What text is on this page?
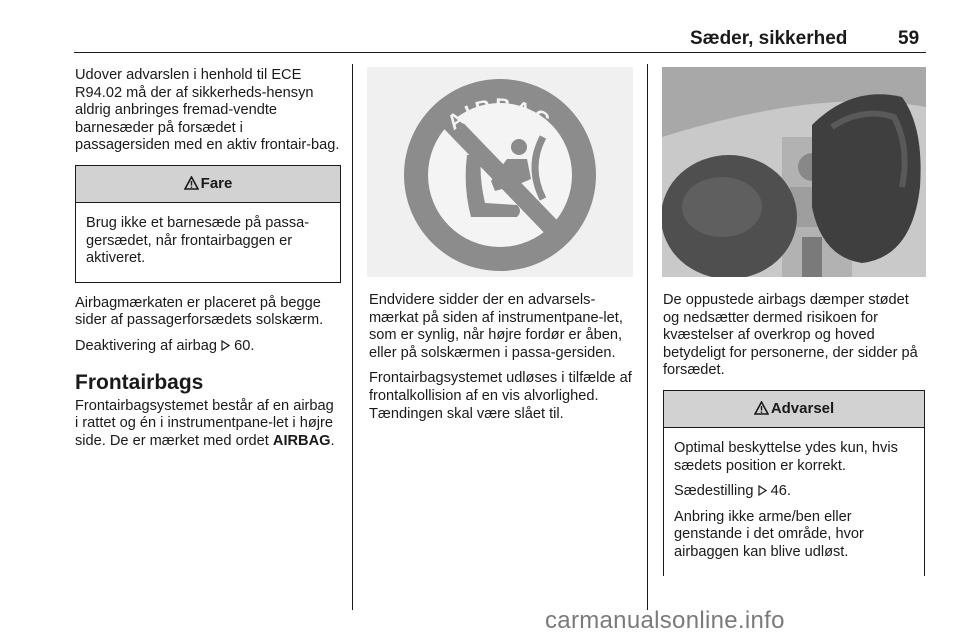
Sæder, sikkerhed	59

Udover advarslen i henhold til ECE R94.02 må der af sikkerheds-hensyn aldrig anbringes fremad-vendte barnesæder på forsædet i passagersiden med en aktiv frontair-bag.

Fare

Brug ikke et barnesæde på passa-gersædet, når frontairbaggen er aktiveret.

Airbagmærkaten er placeret på begge sider af passagerforsædets solskærm.

Deaktivering af airbag  60.

Frontairbags

Frontairbagsystemet består af en airbag i rattet og én i instrumentpane-let i højre side. De er mærket med ordet AIRBAG.

AIRBAG

Endvidere sidder der en advarsels-mærkat på siden af instrumentpane-let, som er synlig, når højre fordør er åben, eller på solskærmen i passa-gersiden.

Frontairbagsystemet udløses i tilfælde af frontalkollision af en vis alvorlighed. Tændingen skal være slået til.

De oppustede airbags dæmper stødet og nedsætter dermed risikoen for kvæstelser af overkrop og hoved betydeligt for personerne, der sidder på forsædet.

Advarsel

Optimal beskyttelse ydes kun, hvis sædets position er korrekt.

Sædestilling  46.

Anbring ikke arme/ben eller genstande i det område, hvor airbaggen kan blive udløst.

carmanualsonline.info
